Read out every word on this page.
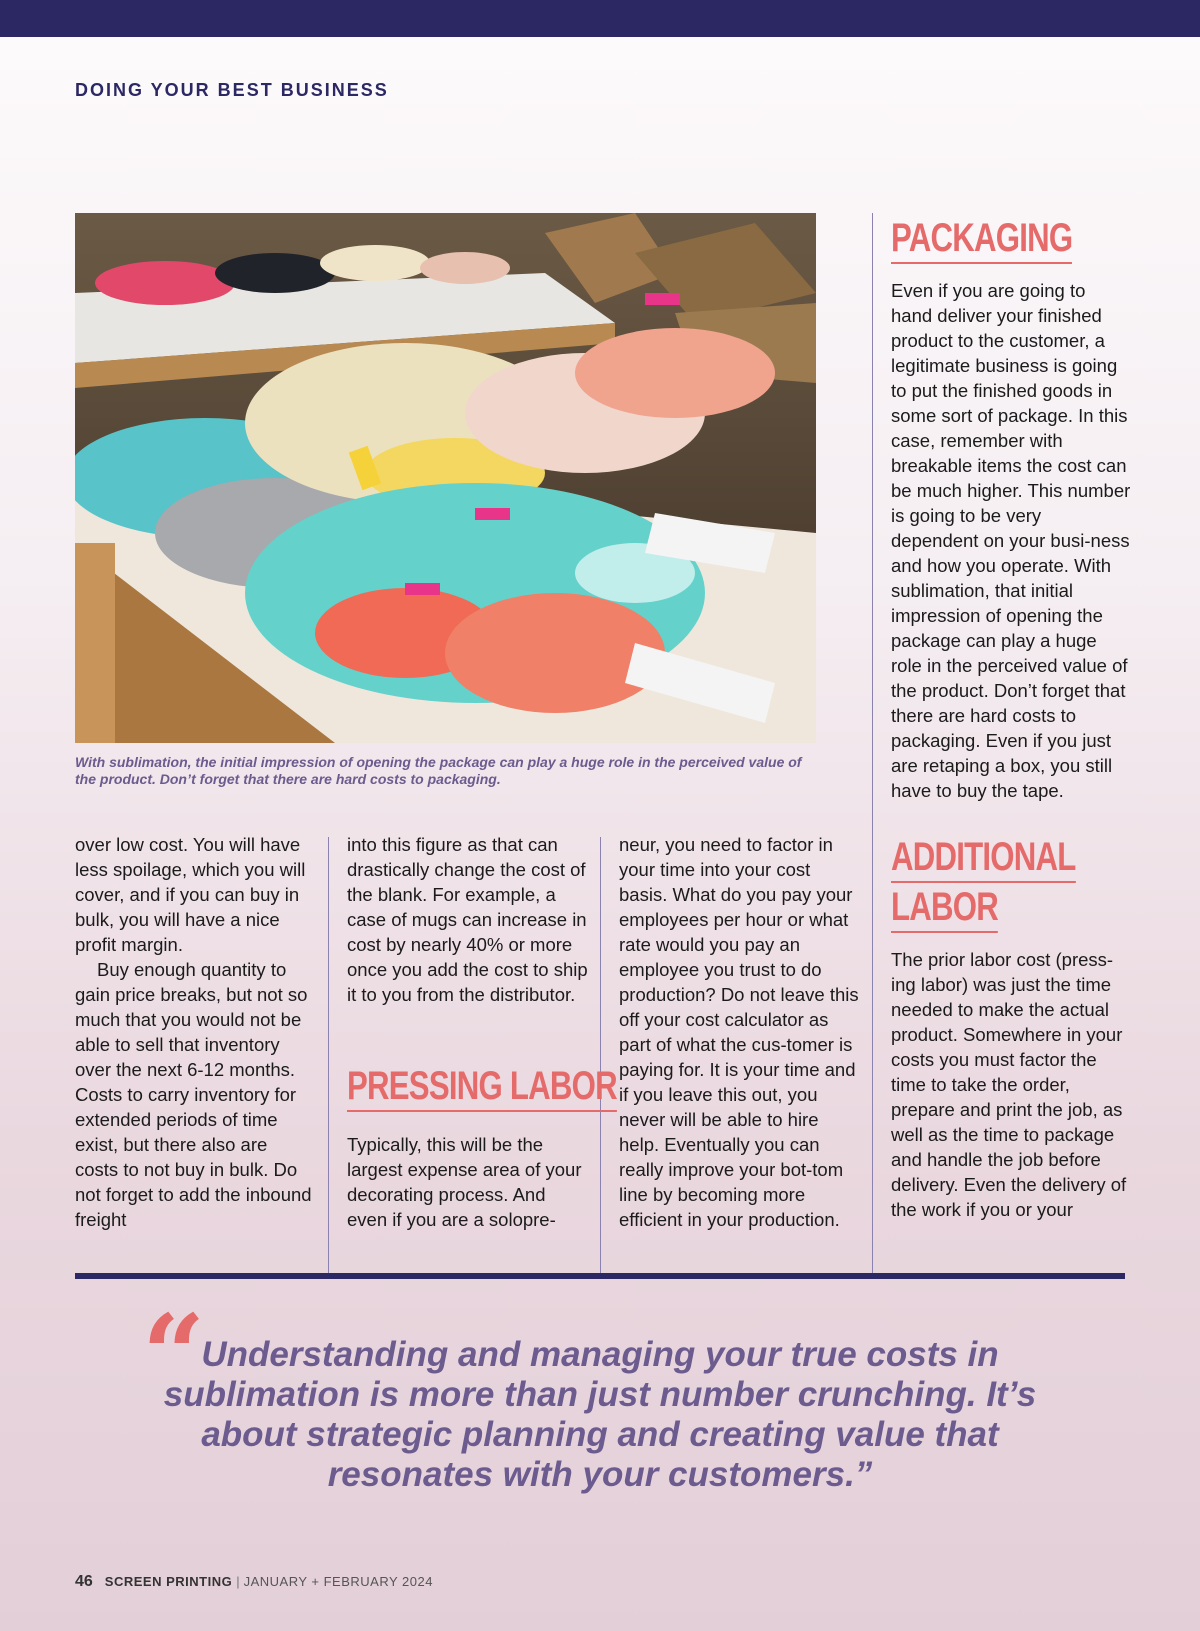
DOING YOUR BEST BUSINESS

With sublimation, the initial impression of opening the package can play a huge role in the perceived value of the product. Don’t forget that there are hard costs to packaging.

over low cost. You will have less spoilage, which you will cover, and if you can buy in bulk, you will have a nice profit margin.

Buy enough quantity to gain price breaks, but not so much that you would not be able to sell that inventory over the next 6-12 months. Costs to carry inventory for extended periods of time exist, but there also are costs to not buy in bulk. Do not forget to add the inbound freight

into this figure as that can drastically change the cost of the blank. For example, a case of mugs can increase in cost by nearly 40% or more once you add the cost to ship it to you from the distributor.

PRESSING LABOR

Typically, this will be the largest expense area of your decorating process. And even if you are a solopre-

neur, you need to factor in your time into your cost basis. What do you pay your employees per hour or what rate would you pay an employee you trust to do production? Do not leave this off your cost calculator as part of what the cus-tomer is paying for. It is your time and if you leave this out, you never will be able to hire help. Eventually you can really improve your bot-tom line by becoming more efficient in your production.

PACKAGING

Even if you are going to hand deliver your finished product to the customer, a legitimate business is going to put the finished goods in some sort of package. In this case, remember with breakable items the cost can be much higher. This number is going to be very dependent on your busi-ness and how you operate. With sublimation, that initial impression of opening the package can play a huge role in the perceived value of the product. Don’t forget that there are hard costs to packaging. Even if you just are retaping a box, you still have to buy the tape.

ADDITIONAL
LABOR

The prior labor cost (press-ing labor) was just the time needed to make the actual product. Somewhere in your costs you must factor the time to take the order, prepare and print the job, as well as the time to package and handle the job before delivery. Even the delivery of the work if you or your

“

Understanding and managing your true costs in sublimation is more than just number crunching. It’s about strategic planning and creating value that resonates with your customers.”

46 SCREEN PRINTING | JANUARY + FEBRUARY 2024
